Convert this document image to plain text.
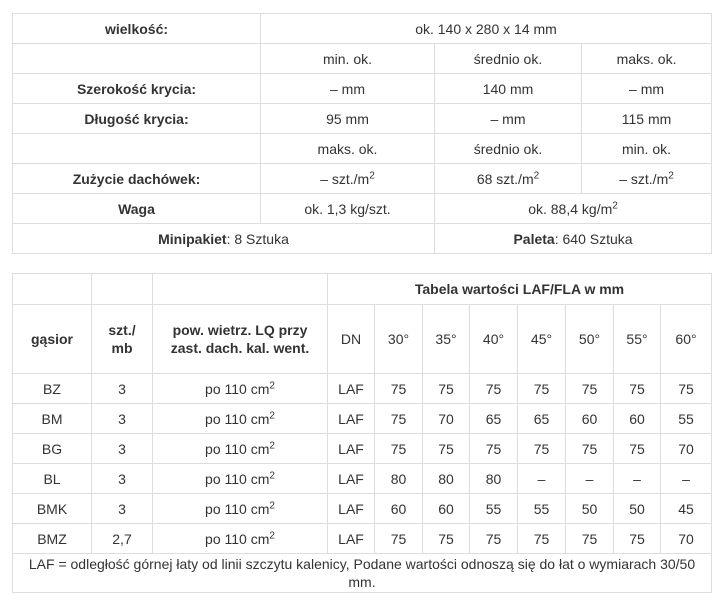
wielkość:	ok. 140 x 280 x 14 mm		
	min. ok.	średnio ok.	maks. ok.
Szerokość krycia:	– mm	140 mm	– mm
Długość krycia:	95 mm	– mm	115 mm
	maks. ok.	średnio ok.	min. ok.
Zużycie dachówek:	– $szt./m^2$	68 $szt./m^2$	– $szt./m^2$
Waga	ok. 1,3 kg/szt.	ok. 88,4 $kg/m^2$
Minipakiet: 8 Sztuka		Paleta: 640 Sztuka	
			Tabela wartości LAF/FLA w mm							
gąsior	szt./ mb	pow. wietrz. LQ przy zast. dach. kal. went.	DN	30°	35°	40°	45°	50°	55°	60°
BZ	3	po 110 $cm^2$	LAF	75	75	75	75	75	75	75
BM	3	po 110 $cm^2$	LAF	75	70	65	65	60	60	55
BG	3	po 110 $cm^2$	LAF	75	75	75	75	75	75	70
BL	3	po 110 $cm^2$	LAF	80	80	80	–	–	–	–
BMK	3	po 110 $cm^2$	LAF	60	60	55	55	50	50	45
BMZ	2,7	po 110 $cm^2$	LAF	75	75	75	75	75	75	70
LAF = odległość górnej łaty od linii szczytu kalenicy, Podane wartości odnoszą się do łat o wymiarach 30/50 mm.										
